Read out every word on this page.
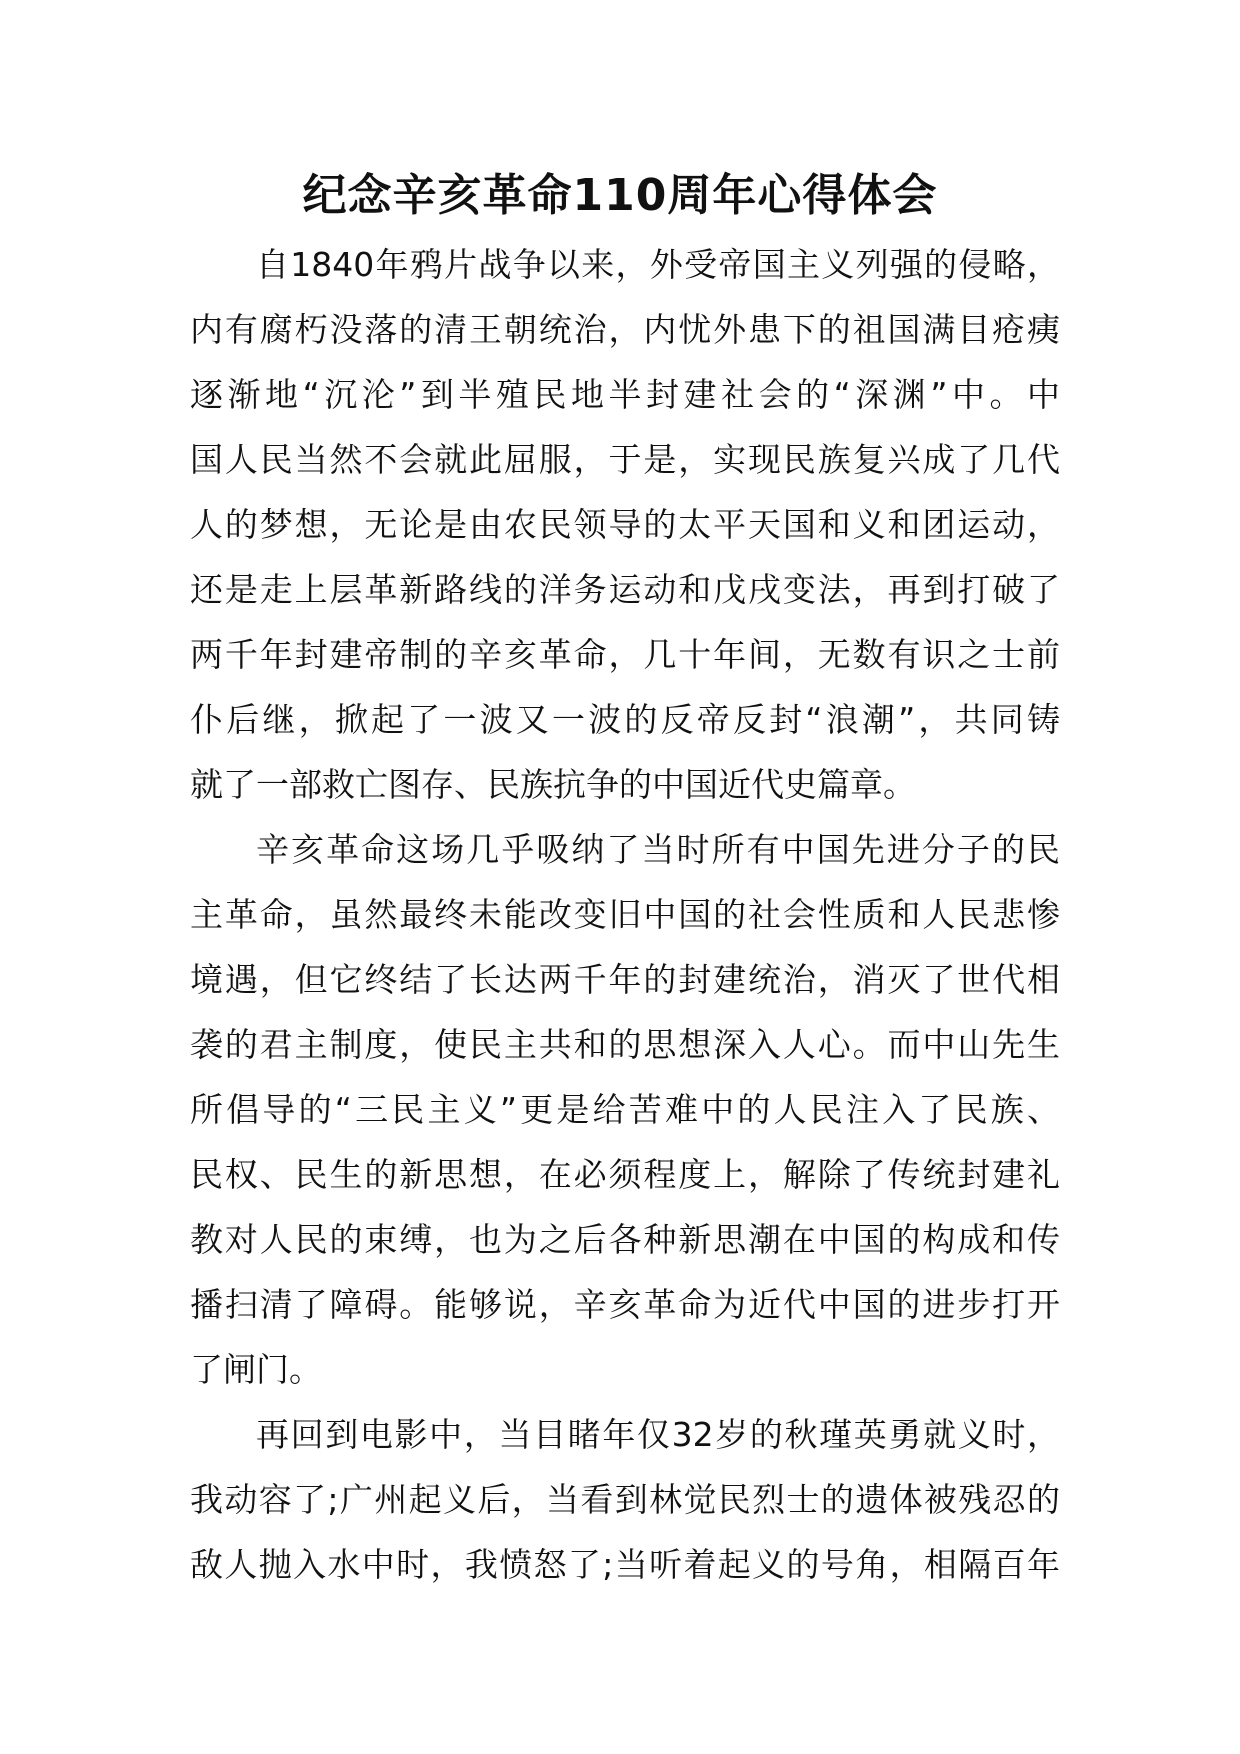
纪念辛亥革命110周年心得体会
自1840年鸦片战争以来，外受帝国主义列强的侵略，
内有腐朽没落的清王朝统治，内忧外患下的祖国满目疮痍
逐渐地“沉沦”到半殖民地半封建社会的“深渊”中。中
国人民当然不会就此屈服，于是，实现民族复兴成了几代
人的梦想，无论是由农民领导的太平天国和义和团运动，
还是走上层革新路线的洋务运动和戊戌变法，再到打破了
两千年封建帝制的辛亥革命，几十年间，无数有识之士前
仆后继，掀起了一波又一波的反帝反封“浪潮”，共同铸
就了一部救亡图存、民族抗争的中国近代史篇章。
辛亥革命这场几乎吸纳了当时所有中国先进分子的民
主革命，虽然最终未能改变旧中国的社会性质和人民悲惨
境遇，但它终结了长达两千年的封建统治，消灭了世代相
袭的君主制度，使民主共和的思想深入人心。而中山先生
所倡导的“三民主义”更是给苦难中的人民注入了民族、
民权、民生的新思想，在必须程度上，解除了传统封建礼
教对人民的束缚，也为之后各种新思潮在中国的构成和传
播扫清了障碍。能够说，辛亥革命为近代中国的进步打开
了闸门。
再回到电影中，当目睹年仅32岁的秋瑾英勇就义时，
我动容了;广州起义后，当看到林觉民烈士的遗体被残忍的
敌人抛入水中时，我愤怒了;当听着起义的号角，相隔百年
